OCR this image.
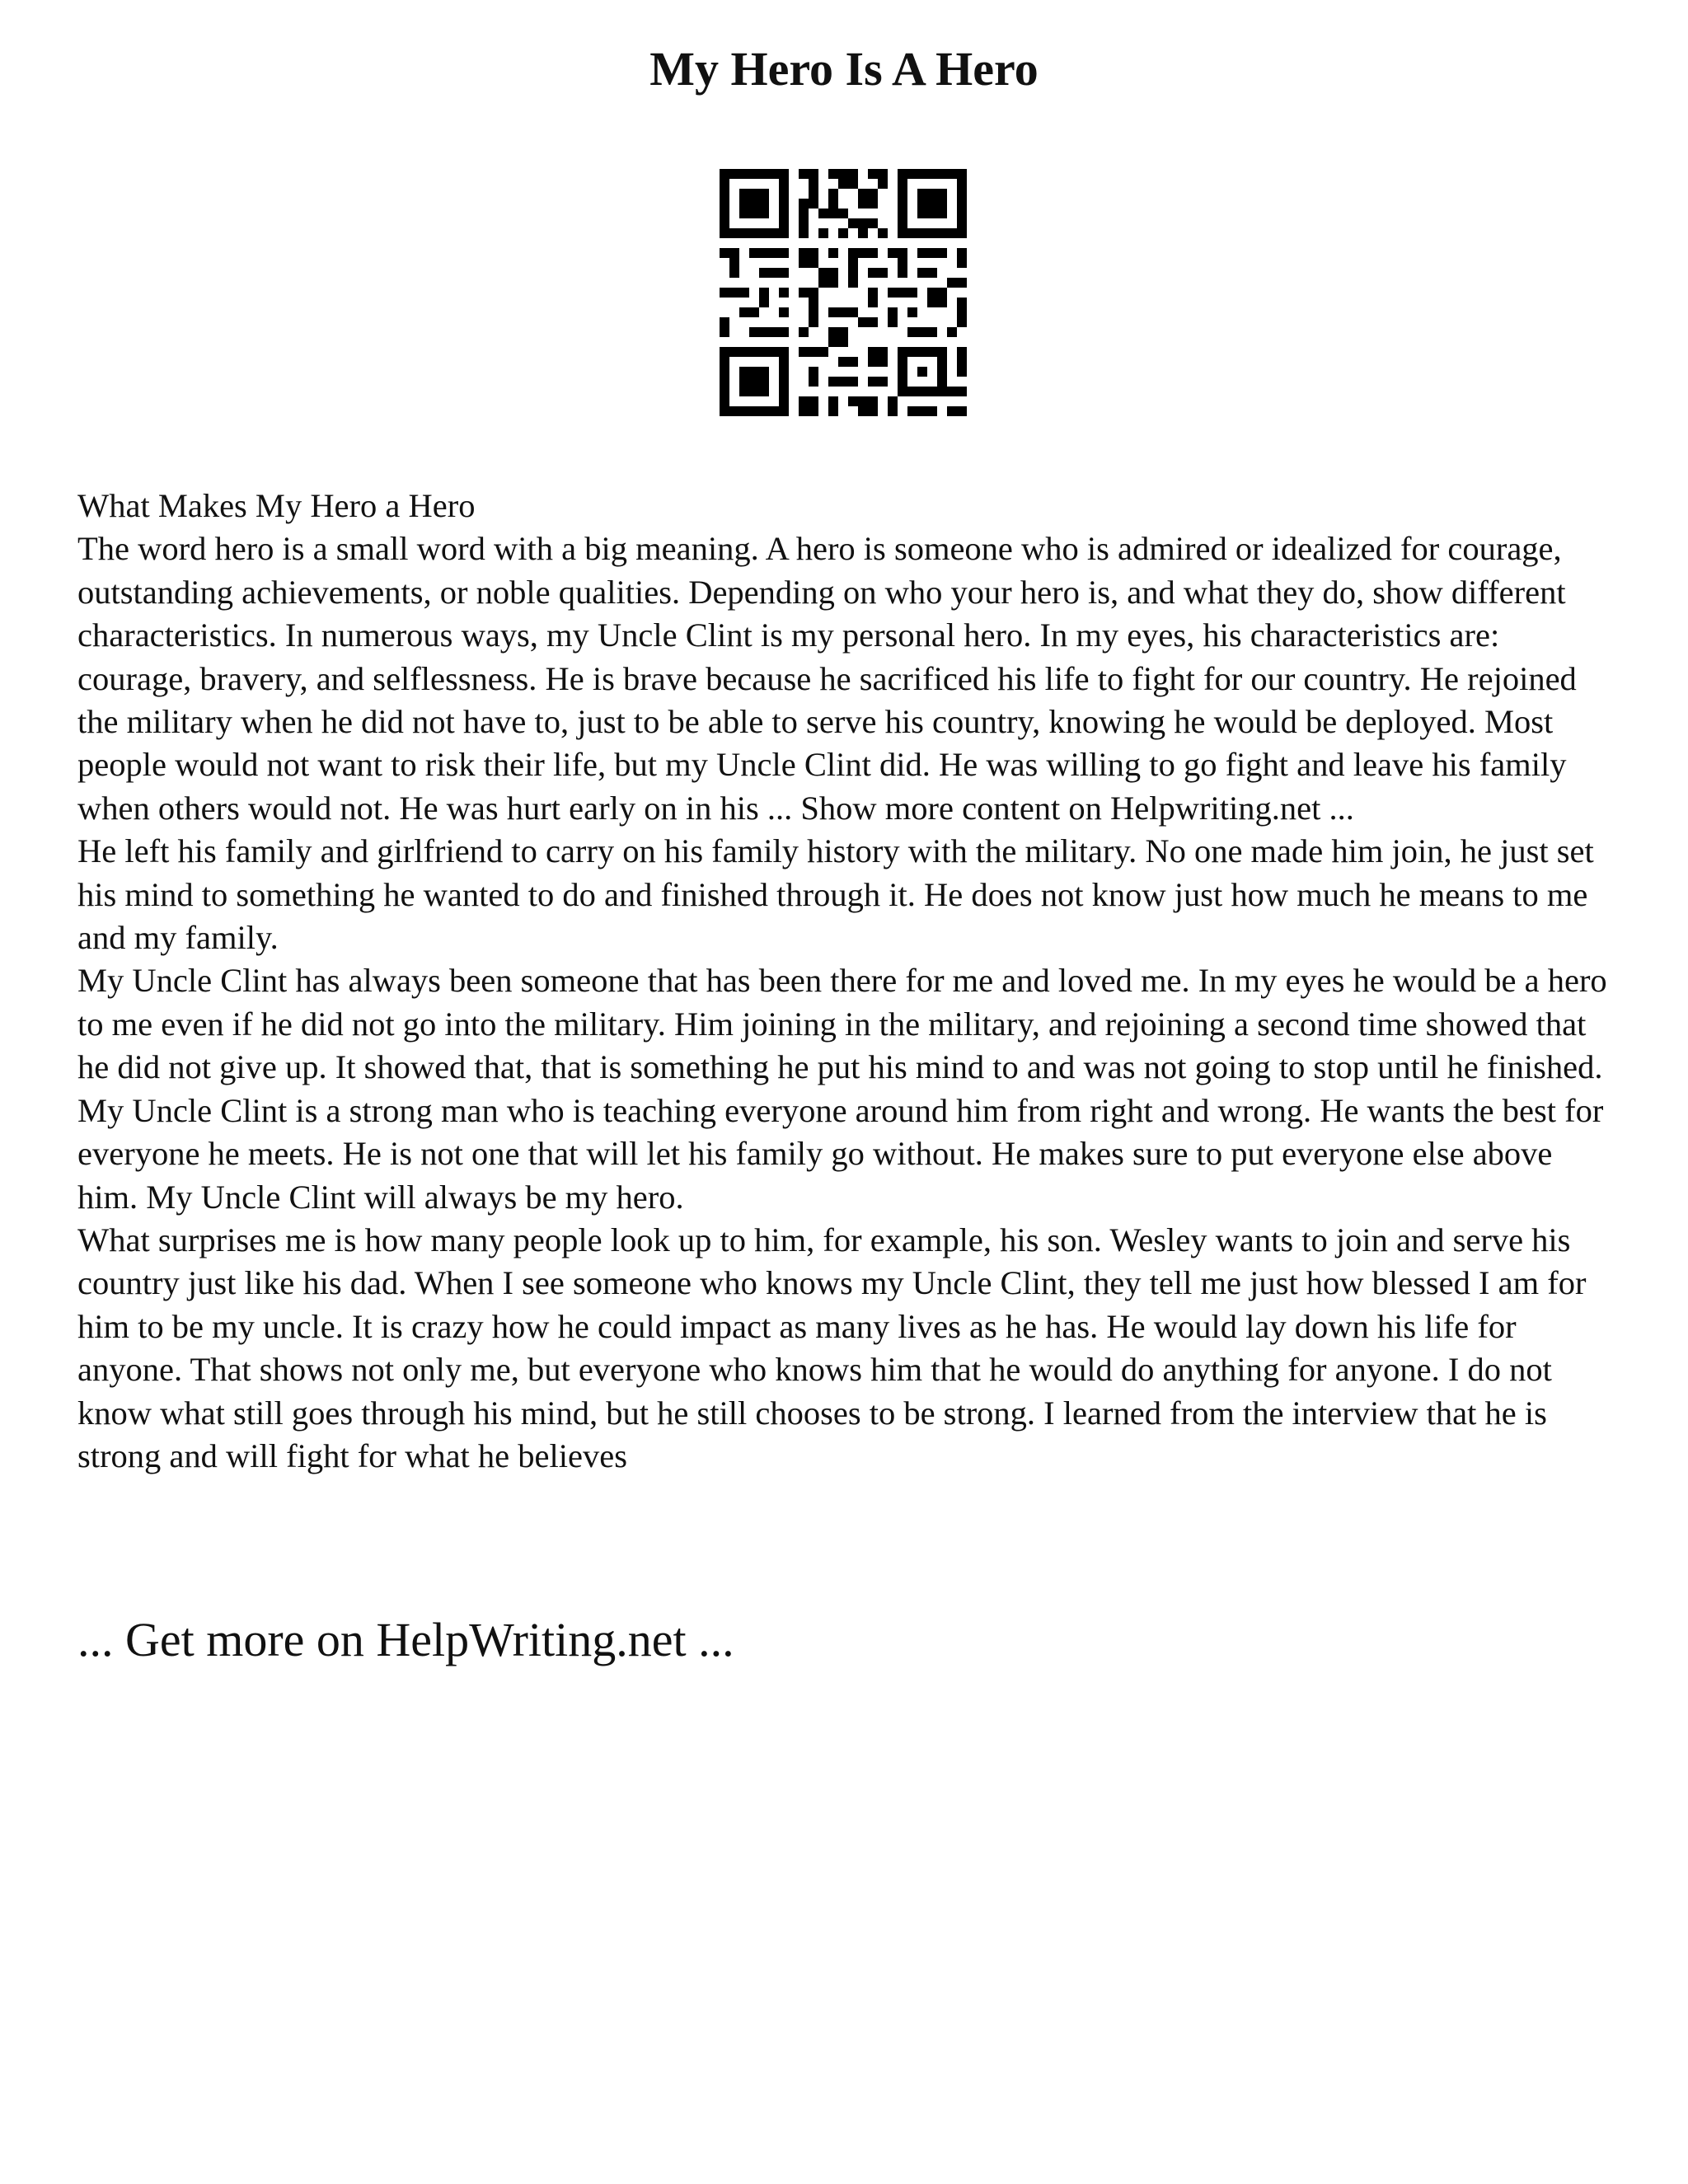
My Hero Is A Hero

What Makes My Hero a Hero

The word hero is a small word with a big meaning. A hero is someone who is admired or idealized for courage, outstanding achievements, or noble qualities. Depending on who your hero is, and what they do, show different characteristics. In numerous ways, my Uncle Clint is my personal hero. In my eyes, his characteristics are: courage, bravery, and selflessness. He is brave because he sacrificed his life to fight for our country. He rejoined the military when he did not have to, just to be able to serve his country, knowing he would be deployed. Most people would not want to risk their life, but my Uncle Clint did. He was willing to go fight and leave his family when others would not. He was hurt early on in his ... Show more content on Helpwriting.net ...

He left his family and girlfriend to carry on his family history with the military. No one made him join, he just set his mind to something he wanted to do and finished through it. He does not know just how much he means to me and my family.

My Uncle Clint has always been someone that has been there for me and loved me. In my eyes he would be a hero to me even if he did not go into the military. Him joining in the military, and rejoining a second time showed that he did not give up. It showed that, that is something he put his mind to and was not going to stop until he finished. My Uncle Clint is a strong man who is teaching everyone around him from right and wrong. He wants the best for everyone he meets. He is not one that will let his family go without. He makes sure to put everyone else above him. My Uncle Clint will always be my hero.

What surprises me is how many people look up to him, for example, his son. Wesley wants to join and serve his country just like his dad. When I see someone who knows my Uncle Clint, they tell me just how blessed I am for him to be my uncle. It is crazy how he could impact as many lives as he has. He would lay down his life for anyone. That shows not only me, but everyone who knows him that he would do anything for anyone. I do not know what still goes through his mind, but he still chooses to be strong. I learned from the interview that he is strong and will fight for what he believes

... Get more on HelpWriting.net ...
